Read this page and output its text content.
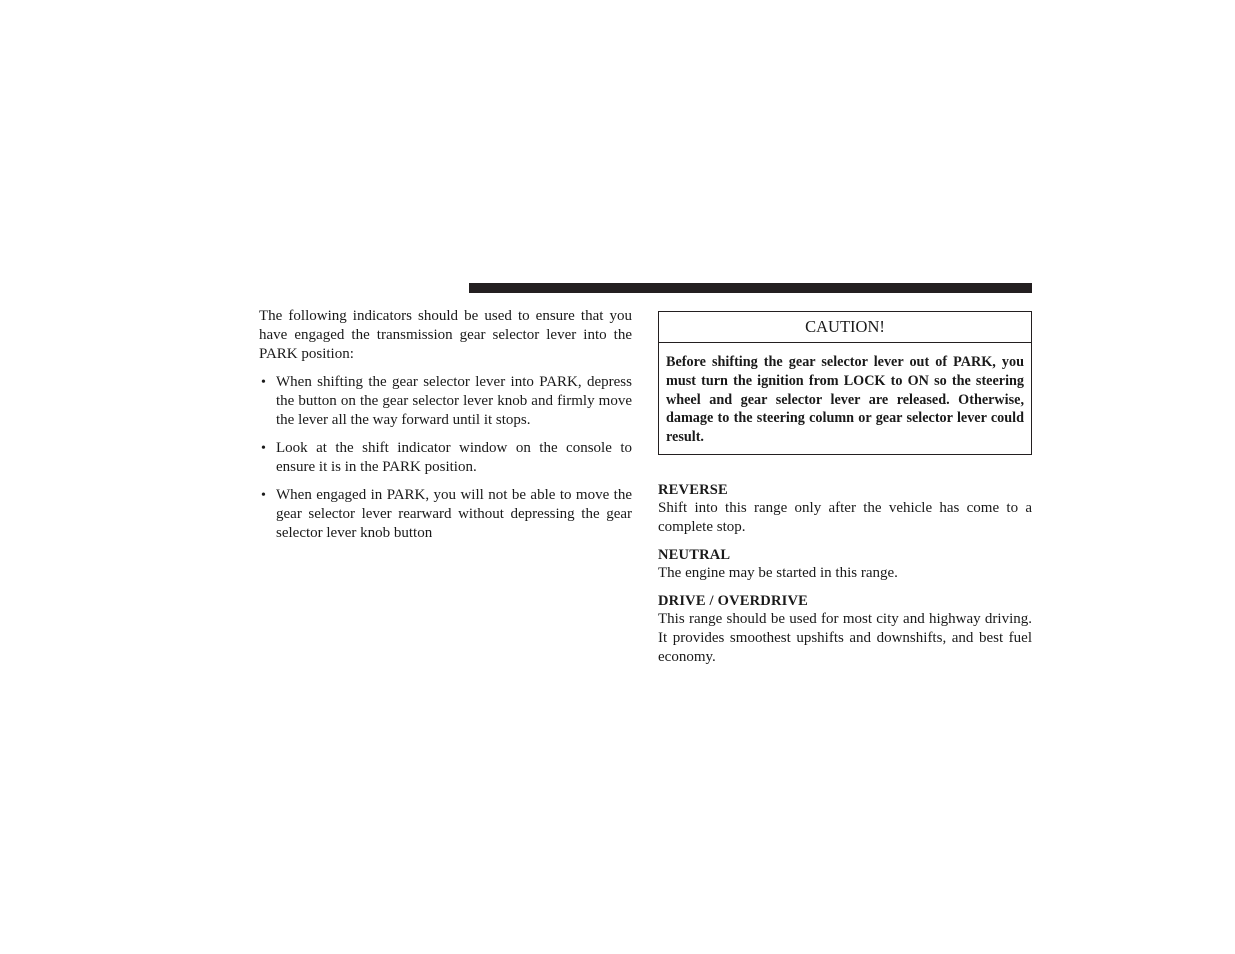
The following indicators should be used to ensure that you have engaged the transmission gear selector lever into the PARK position:

• When shifting the gear selector lever into PARK, depress the button on the gear selector lever knob and firmly move the lever all the way forward until it stops.
• Look at the shift indicator window on the console to ensure it is in the PARK position.
• When engaged in PARK, you will not be able to move the gear selector lever rearward without depressing the gear selector lever knob button
CAUTION!
Before shifting the gear selector lever out of PARK, you must turn the ignition from LOCK to ON so the steering wheel and gear selector lever are released. Otherwise, damage to the steering column or gear selector lever could result.
REVERSE
Shift into this range only after the vehicle has come to a complete stop.
NEUTRAL
The engine may be started in this range.
DRIVE / OVERDRIVE
This range should be used for most city and highway driving. It provides smoothest upshifts and downshifts, and best fuel economy.
